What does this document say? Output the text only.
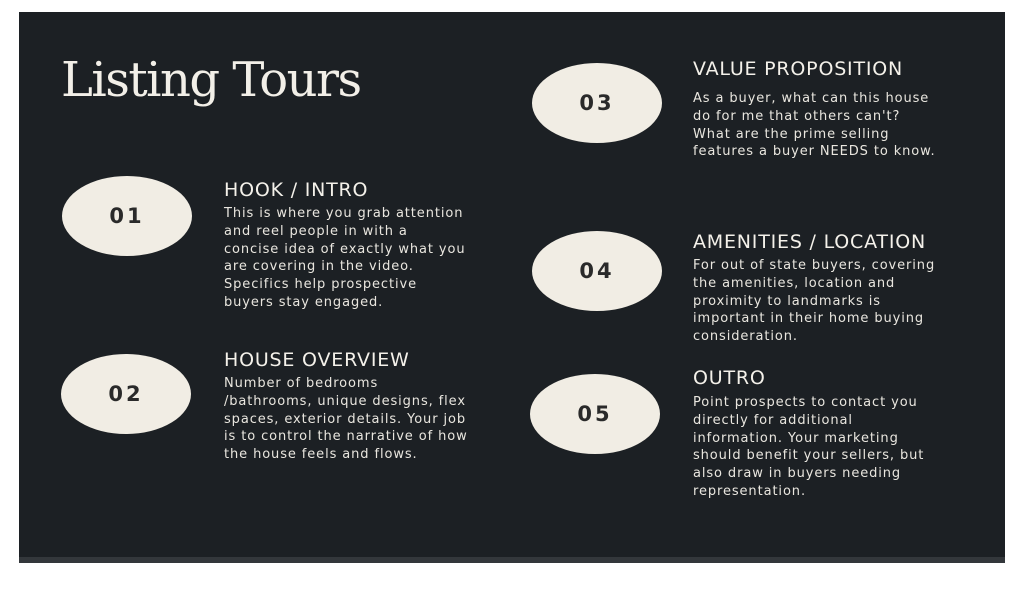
Listing Tours
01
HOOK / INTRO

This is where you grab attention
and reel people in with a
concise idea of exactly what you
are covering in the video.
Specifics help prospective
buyers stay engaged.

02
HOUSE OVERVIEW

Number of bedrooms
/bathrooms, unique designs, flex
spaces, exterior details. Your job
is to control the narrative of how
the house feels and flows.

03
VALUE PROPOSITION

As a buyer, what can this house
do for me that others can't?
What are the prime selling
features a buyer NEEDS to know.

04
AMENITIES / LOCATION

For out of state buyers, covering
the amenities, location and
proximity to landmarks is
important in their home buying
consideration.

05
OUTRO

Point prospects to contact you
directly for additional
information. Your marketing
should benefit your sellers, but
also draw in buyers needing
representation.
